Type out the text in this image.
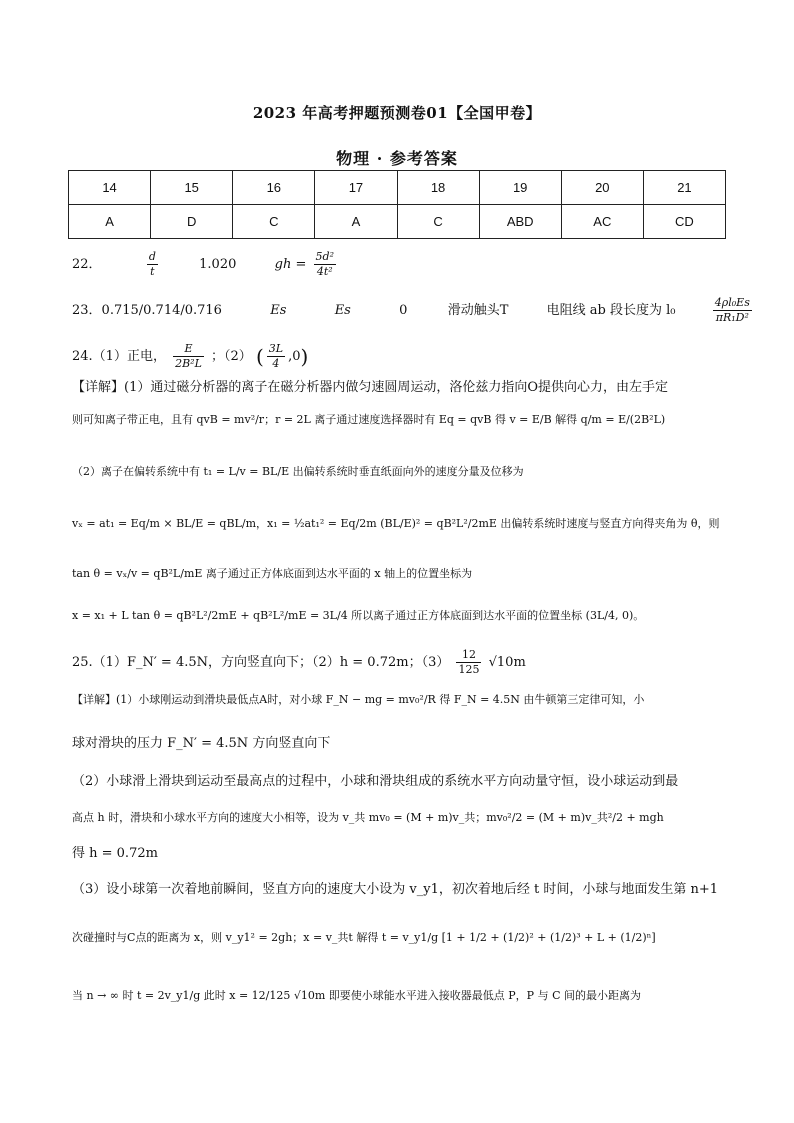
2023 年高考押题预测卷01【全国甲卷】
物理 · 参考答案
14	15	16	17	18	19	20	21
A	D	C	A	C	ABD	AC	CD
22．	$\frac{d}{t}$	1.020	gh = $\frac{\text{5d²}}{\text{4t²}}$
23．0.715/0.714/0.716	Es	Es	0	滑动触头T	电阻线 ab 段长度为 l₀	$\frac{\text{4ρl₀Es}}{\text{πR₁D²}}$
24.（1）正电， $\frac{E}{\text{2B²L}}$ ；（2） ( $\frac{3L}{4} ,0$)
【详解】(1）通过磁分析器的离子在磁分析器内做匀速圆周运动，洛伦兹力指向O提供向心力，由左手定
则可知离子带正电，且有 qvB = mv²/r；r = 2L 离子通过速度选择器时有 Eq = qvB 得 v = E/B 解得 q/m = E/(2B²L)
（2）离子在偏转系统中有 t₁ = L/v = BL/E 出偏转系统时垂直纸面向外的速度分量及位移为
vₓ = at₁ = Eq/m × BL/E = qBL/m，x₁ = ½at₁² = Eq/2m (BL/E)² = qB²L²/2mE 出偏转系统时速度与竖直方向得夹角为 θ，则
tan θ = vₓ/v = qB²L/mE 离子通过正方体底面到达水平面的 x 轴上的位置坐标为
x = x₁ + L tan θ = qB²L²/2mE + qB²L²/mE = 3L/4 所以离子通过正方体底面到达水平面的位置坐标 (3L/4, 0)。
25.（1）F_N′ = 4.5N，方向竖直向下；（2）h = 0.72m；$(3) \frac{12}{125} √10m$
【详解】(1）小球刚运动到滑块最低点A时，对小球 F_N − mg = mv₀²/R 得 F_N = 4.5N 由牛顿第三定律可知，小
球对滑块的压力 F_N′ = 4.5N 方向竖直向下
（2）小球滑上滑块到运动至最高点的过程中，小球和滑块组成的系统水平方向动量守恒，设小球运动到最
高点 h 时，滑块和小球水平方向的速度大小相等，设为 v_共 mv₀ = (M + m)v_共；mv₀²/2 = (M + m)v_共²/2 + mgh
得 h = 0.72m
（3）设小球第一次着地前瞬间，竖直方向的速度大小设为 v_y1，初次着地后经 t 时间，小球与地面发生第 n+1
次碰撞时与C点的距离为 x，则 v_y1² = 2gh；x = v_共t 解得 t = v_y1/g [1 + 1/2 + (1/2)² + (1/2)³ + L + (1/2)ⁿ]
当 n → ∞ 时 t = 2v_y1/g 此时 x = 12/125 √10m 即要使小球能水平进入接收器最低点 P，P 与 C 间的最小距离为
